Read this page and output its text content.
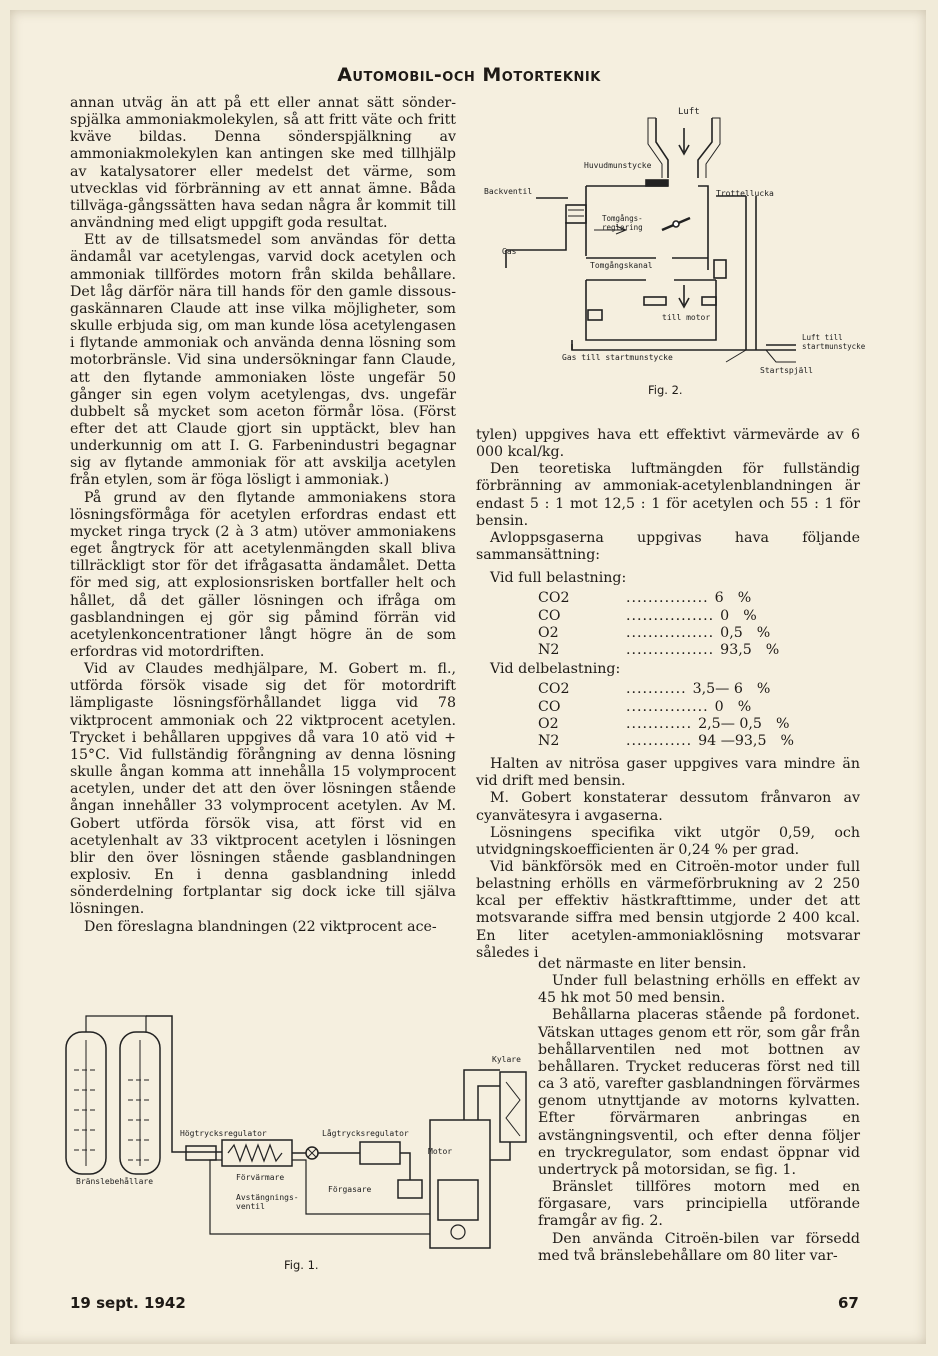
Automobil-och Motorteknik

annan utväg än att på ett eller annat sätt sönder-spjälka ammoniakmolekylen, så att fritt väte och fritt kväve bildas. Denna sönderspjälkning av ammoniakmolekylen kan antingen ske med tillhjälp av katalysatorer eller medelst det värme, som utvecklas vid förbränning av ett annat ämne. Båda tillväga-gångssätten hava sedan några år kommit till användning med eligt uppgift goda resultat.

Ett av de tillsatsmedel som användas för detta ändamål var acetylengas, varvid dock acetylen och ammoniak tillfördes motorn från skilda behållare. Det låg därför nära till hands för den gamle dissous-gaskännaren Claude att inse vilka möjligheter, som skulle erbjuda sig, om man kunde lösa acetylengasen i flytande ammoniak och använda denna lösning som motorbränsle. Vid sina undersökningar fann Claude, att den flytande ammoniaken löste ungefär 50 gånger sin egen volym acetylengas, dvs. ungefär dubbelt så mycket som aceton förmår lösa. (Först efter det att Claude gjort sin upptäckt, blev han underkunnig om att I. G. Farbenindustri begagnar sig av flytande ammoniak för att avskilja acetylen från etylen, som är föga lösligt i ammoniak.)

På grund av den flytande ammoniakens stora lösningsförmåga för acetylen erfordras endast ett mycket ringa tryck (2 à 3 atm) utöver ammoniakens eget ångtryck för att acetylenmängden skall bliva tillräckligt stor för det ifrågasatta ändamålet. Detta för med sig, att explosionsrisken bortfaller helt och hållet, då det gäller lösningen och ifråga om gasblandningen ej gör sig påmind förrän vid acetylenkoncentrationer långt högre än de som erfordras vid motordriften.

Vid av Claudes medhjälpare, M. Gobert m. fl., utförda försök visade sig det för motordrift lämpligaste lösningsförhållandet ligga vid 78 viktprocent ammoniak och 22 viktprocent acetylen. Trycket i behållaren uppgives då vara 10 atö vid + 15°C. Vid fullständig förångning av denna lösning skulle ångan komma att innehålla 15 volymprocent acetylen, under det att den över lösningen stående ångan innehåller 33 volymprocent acetylen. Av M. Gobert utförda försök visa, att först vid en acetylenhalt av 33 viktprocent acetylen i lösningen blir den över lösningen stående gasblandningen explosiv. En i denna gasblandning inledd sönderdelning fortplantar sig dock icke till själva lösningen.

Den föreslagna blandningen (22 viktprocent ace-

Luft
Huvudmunstycke
Backventil	Trottellucka
Tomgångs-
reglering
Gas
Tomgångskanal
till motor
Luft till
startmunstycke
Gas till startmunstycke
Startspjäll
Fig. 2.

tylen) uppgives hava ett effektivt värmevärde av 6 000 kcal/kg.

Den teoretiska luftmängden för fullständig förbränning av ammoniak-acetylenblandningen är endast 5 : 1 mot 12,5 : 1 för acetylen och 55 : 1 för bensin.

Avloppsgaserna uppgivas hava följande sammansättning:

Vid full belastning:

CO2	............... 6 %
CO	................ 0 %
O2	................ 0,5 %
N2	................ 93,5 %

Vid delbelastning:

CO2	........... 3,5— 6 %
CO	............... 0 %
O2	............ 2,5— 0,5 %
N2	............ 94 —93,5 %

Halten av nitrösa gaser uppgives vara mindre än vid drift med bensin.

M. Gobert konstaterar dessutom frånvaron av cyanvätesyra i avgaserna.

Lösningens specifika vikt utgör 0,59, och utvidgningskoefficienten är 0,24 % per grad.

Vid bänkförsök med en Citroën-motor under full belastning erhölls en värmeförbrukning av 2 250 kcal per effektiv hästkrafttimme, under det att motsvarande siffra med bensin utgjorde 2 400 kcal. En liter acetylen-ammoniaklösning motsvarar således i

det närmaste en liter bensin.

Under full belastning erhölls en effekt av 45 hk mot 50 med bensin.

Behållarna placeras stående på fordonet. Vätskan uttages genom ett rör, som går från behållarventilen ned mot bottnen av behållaren. Trycket reduceras först ned till ca 3 atö, varefter gasblandningen förvärmes genom utnyttjande av motorns kylvatten. Efter förvärmaren anbringas en avstängningsventil, och efter denna följer en tryckregulator, som endast öppnar vid undertryck på motorsidan, se fig. 1.

Bränslet tillföres motorn med en förgasare, vars principiella utförande framgår av fig. 2.

Den använda Citroën-bilen var försedd med två bränslebehållare om 80 liter var-

Kylare
Högtrycksregulator	Lågtrycksregulator
Motor
Förvärmare
Förgasare
Avstängnings-
ventil
Bränslebehållare
Fig. 1.
19 sept. 1942	67
